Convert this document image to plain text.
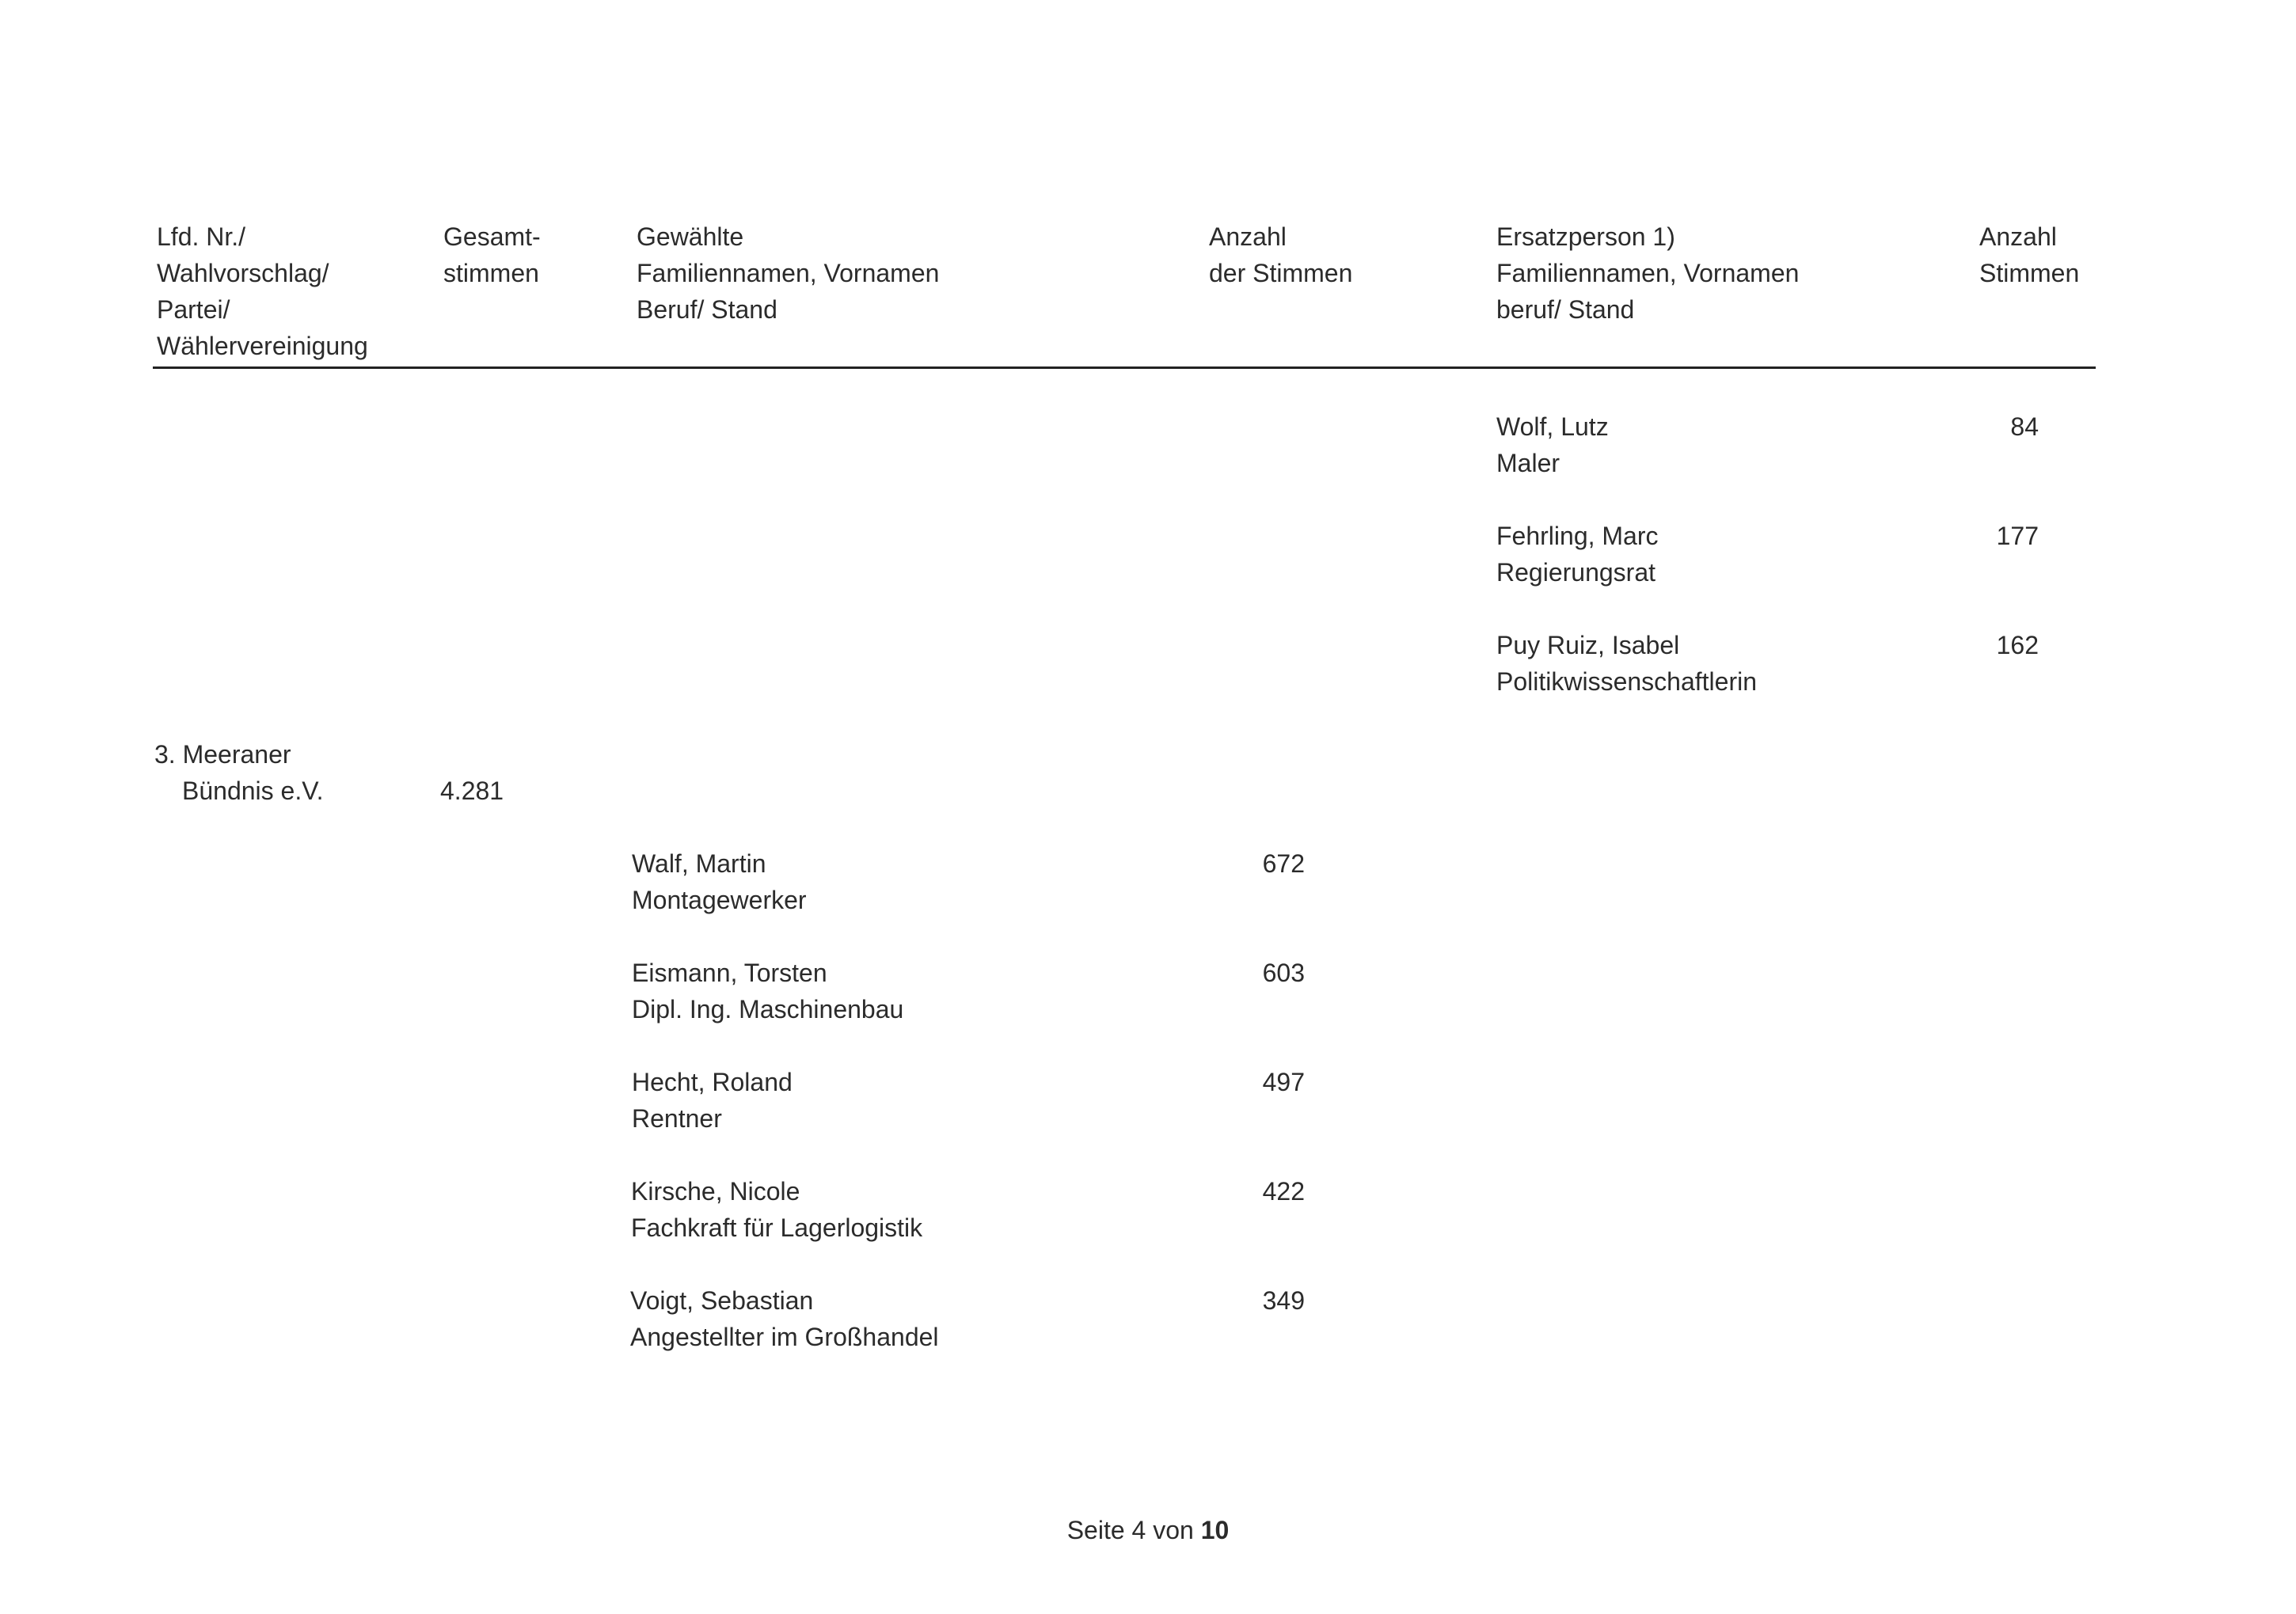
Lfd. Nr./
Wahlvorschlag/
Partei/
Wählervereinigung
Gesamt-
stimmen
Gewählte
Familiennamen, Vornamen
Beruf/ Stand
Anzahl
der Stimmen
Ersatzperson 1)
Familiennamen, Vornamen
beruf/ Stand
Anzahl
Stimmen
Wolf, Lutz
Maler
84
Fehrling, Marc
Regierungsrat
177
Puy Ruiz, Isabel
Politikwissenschaftlerin
162
3. Meeraner
Bündnis e.V.	4.281
Walf, Martin
Montagewerker
672
Eismann, Torsten
Dipl. Ing. Maschinenbau
603
Hecht, Roland
Rentner
497
Kirsche, Nicole
Fachkraft für Lagerlogistik
422
Voigt, Sebastian
Angestellter im Großhandel
349
Seite 4 von 10
